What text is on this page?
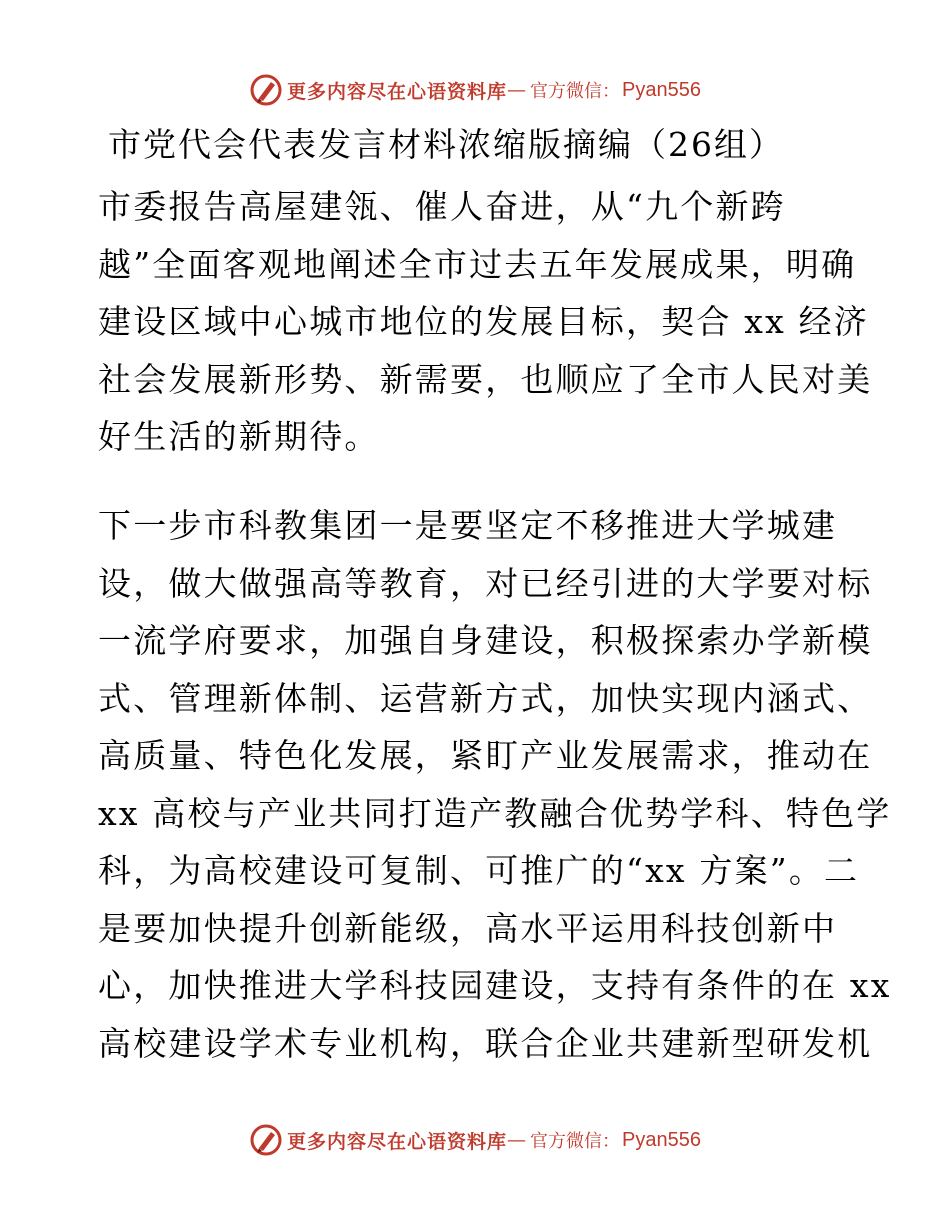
更多内容尽在心语资料库 — 官方微信： Pyan556
市党代会代表发言材料浓缩版摘编（26组）
市委报告高屋建瓴、催人奋进，从“九个新跨
越”全面客观地阐述全市过去五年发展成果，明确
建设区域中心城市地位的发展目标，契合 xx 经济
社会发展新形势、新需要，也顺应了全市人民对美
好生活的新期待。
下一步市科教集团一是要坚定不移推进大学城建
设，做大做强高等教育，对已经引进的大学要对标
一流学府要求，加强自身建设，积极探索办学新模
式、管理新体制、运营新方式，加快实现内涵式、
高质量、特色化发展，紧盯产业发展需求，推动在
xx 高校与产业共同打造产教融合优势学科、特色学
科，为高校建设可复制、可推广的“xx 方案”。二
是要加快提升创新能级，高水平运用科技创新中
心，加快推进大学科技园建设，支持有条件的在 xx
高校建设学术专业机构，联合企业共建新型研发机
更多内容尽在心语资料库 — 官方微信： Pyan556
